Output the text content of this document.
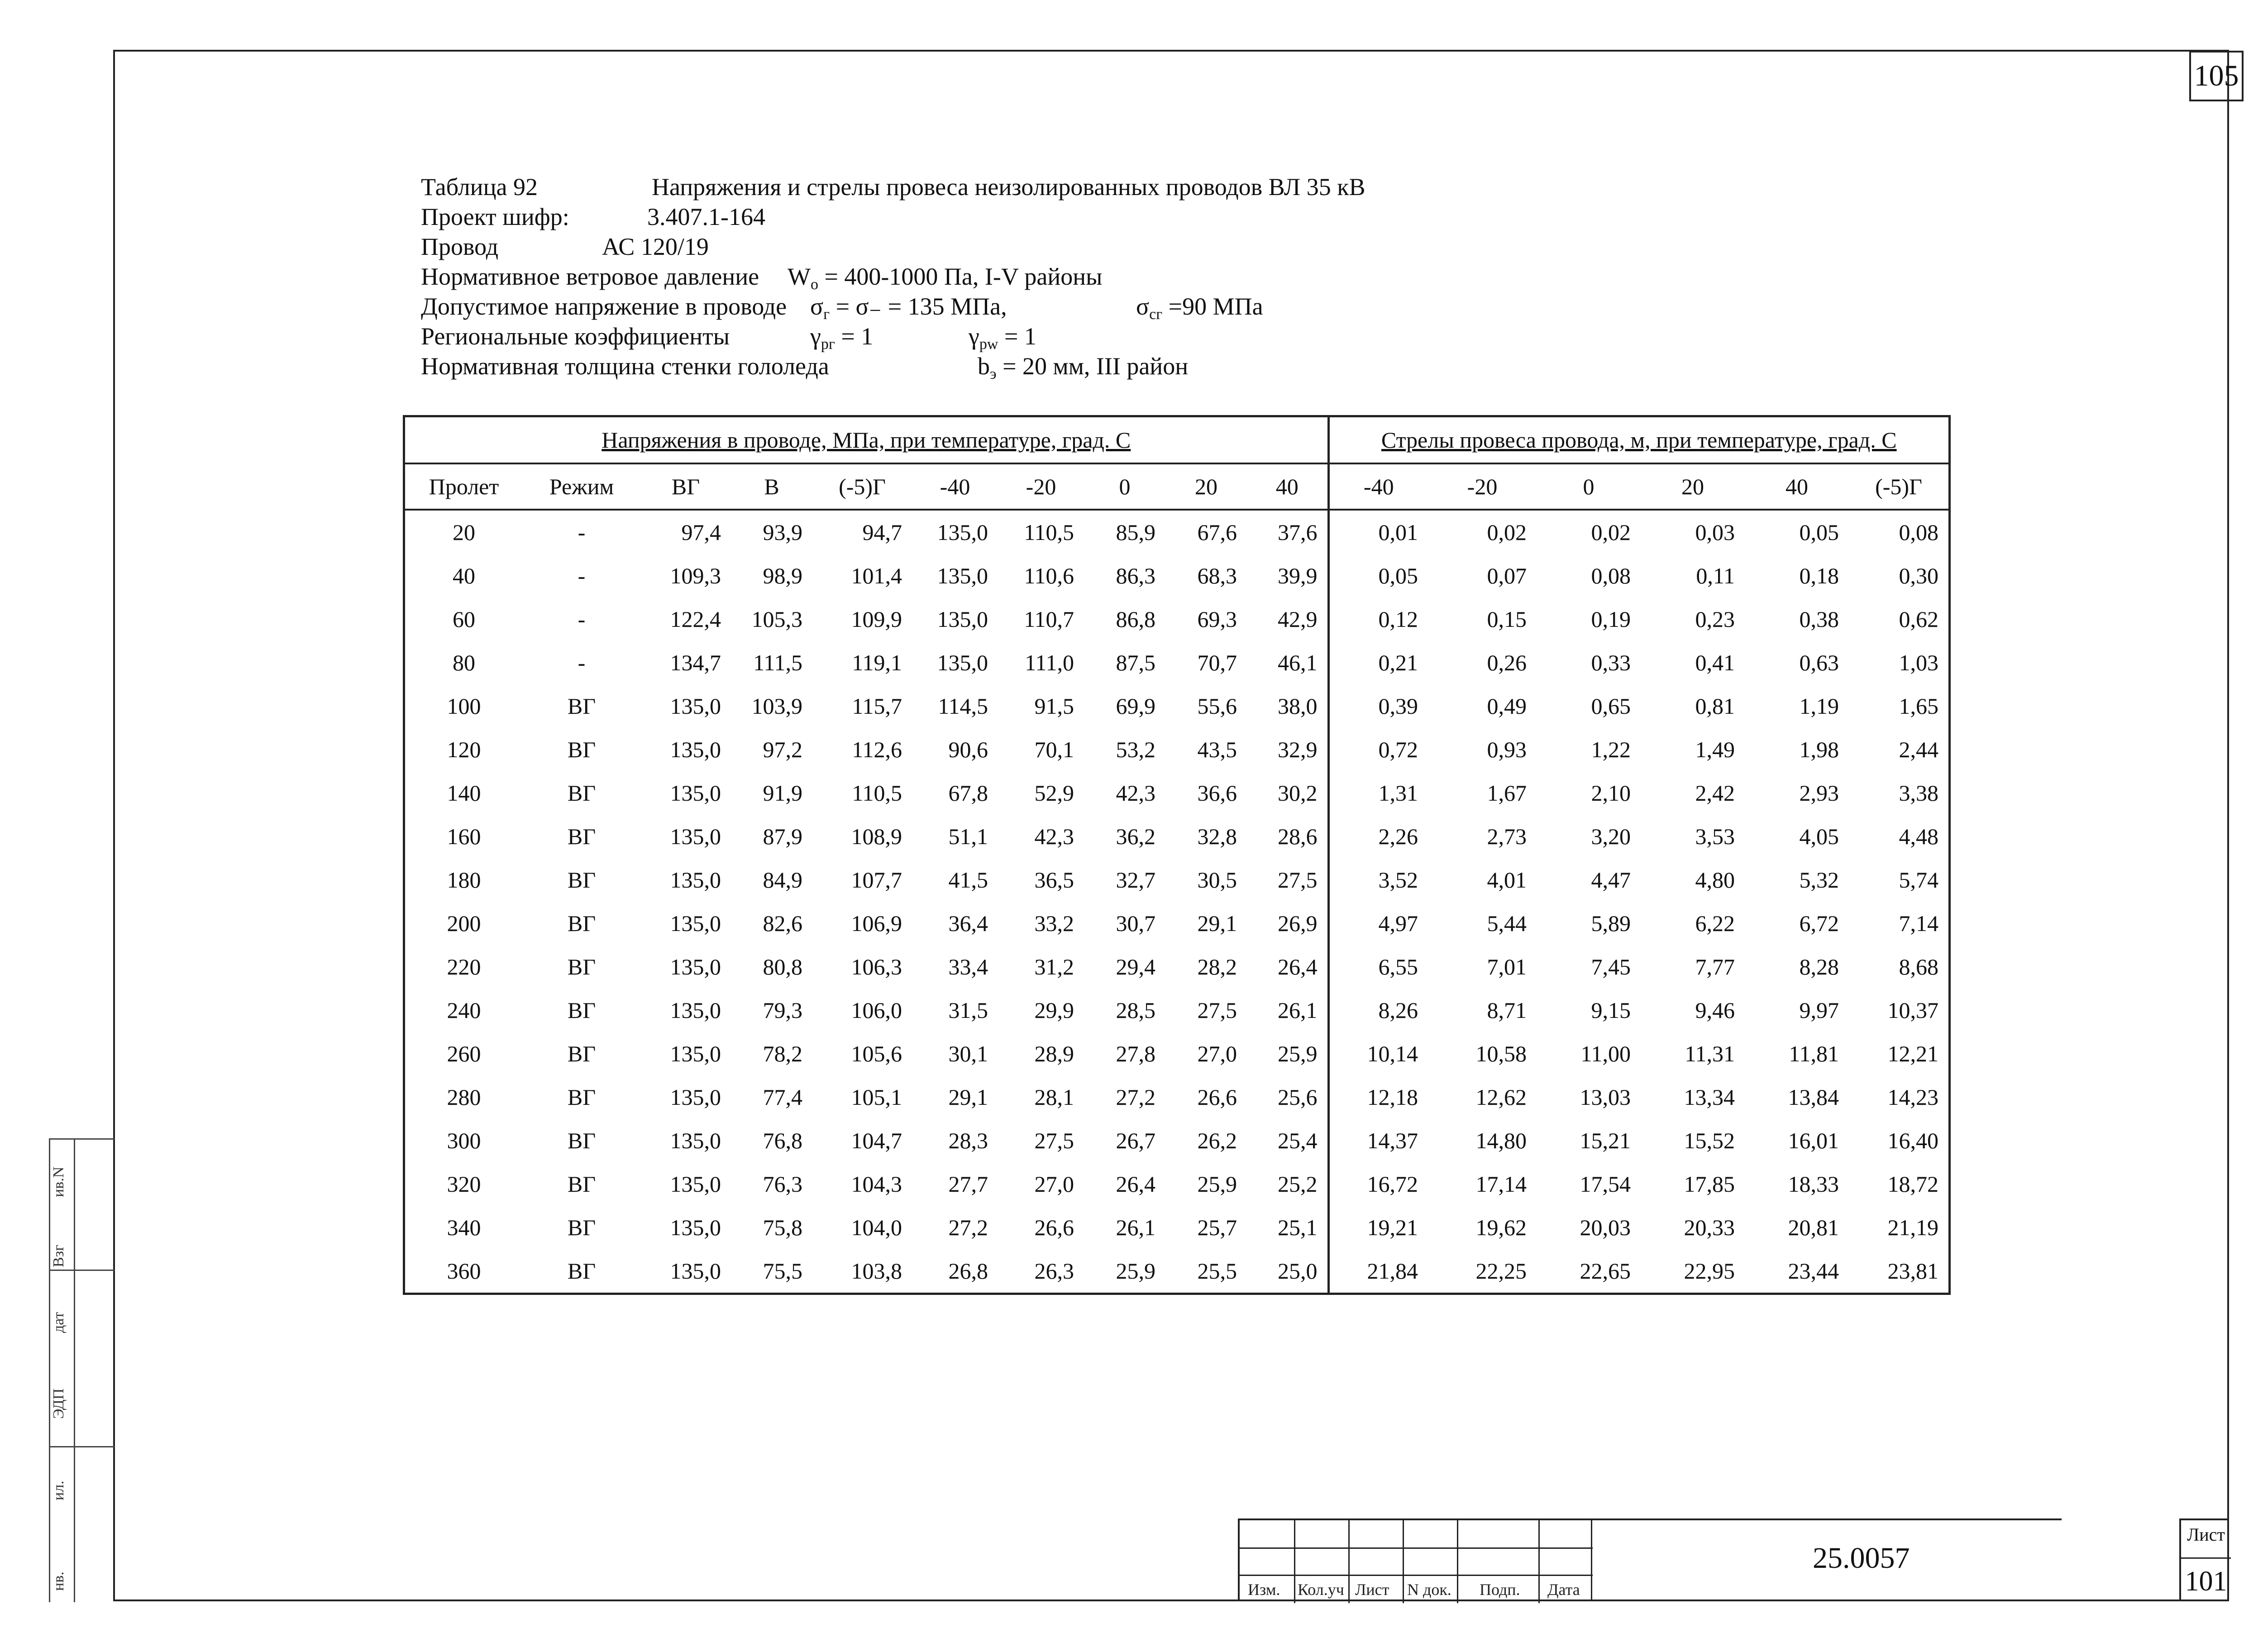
105
Таблица 92	Напряжения и стрелы провеса неизолированных проводов ВЛ 35 кВ
Проект шифр:	3.407.1-164
Провод	АС 120/19
Нормативное ветровое давление $W_o = 400-1000$ Па, I-V районы
Допустимое напряжение в проводе $\sigma_г = \sigma_- = 135$ МПа,	$\sigma_{сг} =90$ МПа
Региональные коэффициенты	$\gamma_{рг} = 1$	$\gamma_{pw} = 1$
Нормативная толщина стенки гололеда	$b_э = 20$ мм, III район
Напряжения в проводе, МПа, при температуре, град. С										Стрелы провеса провода, м, при температуре, град. С					
Пролет	Режим	ВГ	В	(-5)Г	-40	-20	0	20	40	-40	-20	0	20	40	(-5)Г
20	-	97,4	93,9	94,7	135,0	110,5	85,9	67,6	37,6	0,01	0,02	0,02	0,03	0,05	0,08
40	-	109,3	98,9	101,4	135,0	110,6	86,3	68,3	39,9	0,05	0,07	0,08	0,11	0,18	0,30
60	-	122,4	105,3	109,9	135,0	110,7	86,8	69,3	42,9	0,12	0,15	0,19	0,23	0,38	0,62
80	-	134,7	111,5	119,1	135,0	111,0	87,5	70,7	46,1	0,21	0,26	0,33	0,41	0,63	1,03
100	ВГ	135,0	103,9	115,7	114,5	91,5	69,9	55,6	38,0	0,39	0,49	0,65	0,81	1,19	1,65
120	ВГ	135,0	97,2	112,6	90,6	70,1	53,2	43,5	32,9	0,72	0,93	1,22	1,49	1,98	2,44
140	ВГ	135,0	91,9	110,5	67,8	52,9	42,3	36,6	30,2	1,31	1,67	2,10	2,42	2,93	3,38
160	ВГ	135,0	87,9	108,9	51,1	42,3	36,2	32,8	28,6	2,26	2,73	3,20	3,53	4,05	4,48
180	ВГ	135,0	84,9	107,7	41,5	36,5	32,7	30,5	27,5	3,52	4,01	4,47	4,80	5,32	5,74
200	ВГ	135,0	82,6	106,9	36,4	33,2	30,7	29,1	26,9	4,97	5,44	5,89	6,22	6,72	7,14
220	ВГ	135,0	80,8	106,3	33,4	31,2	29,4	28,2	26,4	6,55	7,01	7,45	7,77	8,28	8,68
240	ВГ	135,0	79,3	106,0	31,5	29,9	28,5	27,5	26,1	8,26	8,71	9,15	9,46	9,97	10,37
260	ВГ	135,0	78,2	105,6	30,1	28,9	27,8	27,0	25,9	10,14	10,58	11,00	11,31	11,81	12,21
280	ВГ	135,0	77,4	105,1	29,1	28,1	27,2	26,6	25,6	12,18	12,62	13,03	13,34	13,84	14,23
300	ВГ	135,0	76,8	104,7	28,3	27,5	26,7	26,2	25,4	14,37	14,80	15,21	15,52	16,01	16,40
320	ВГ	135,0	76,3	104,3	27,7	27,0	26,4	25,9	25,2	16,72	17,14	17,54	17,85	18,33	18,72
340	ВГ	135,0	75,8	104,0	27,2	26,6	26,1	25,7	25,1	19,21	19,62	20,03	20,33	20,81	21,19
360	ВГ	135,0	75,5	103,8	26,8	26,3	25,9	25,5	25,0	21,84	22,25	22,65	22,95	23,44	23,81
Взг
ив.N
дат
ЭДП
ил.
нв.	Изм. Кол.уч Лист N док. Подп. Дата
25.0057
Лист
101
